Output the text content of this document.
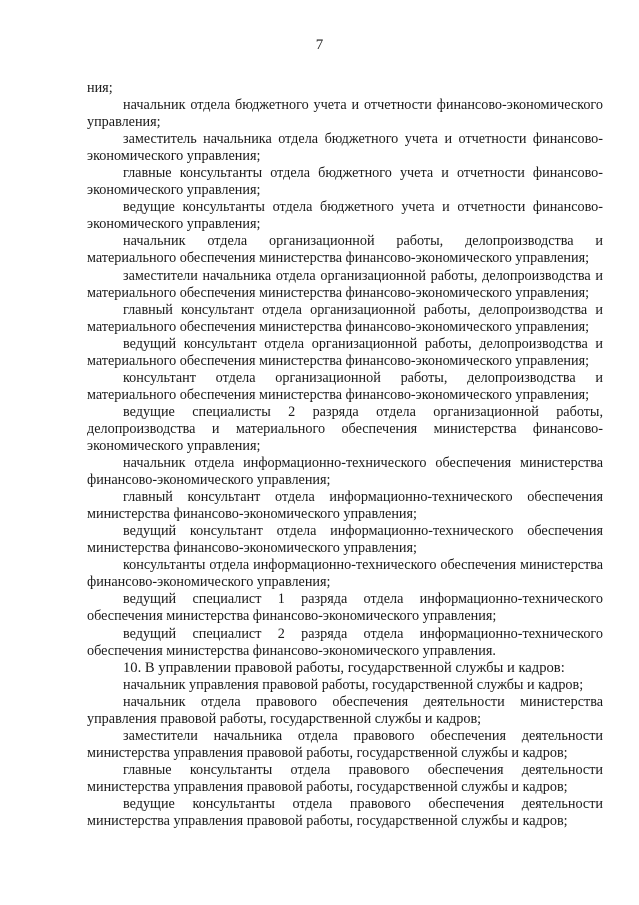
7

ния;

начальник отдела бюджетного учета и отчетности финансово-экономического управления;

заместитель начальника отдела бюджетного учета и отчетности финансово-экономического управления;

главные консультанты отдела бюджетного учета и отчетности финансово-экономического управления;

ведущие консультанты отдела бюджетного учета и отчетности финансово-экономического управления;

начальник отдела организационной работы, делопроизводства и материального обеспечения министерства финансово-экономического управления;

заместители начальника отдела организационной работы, делопроизводства и материального обеспечения министерства финансово-экономического управления;

главный консультант отдела организационной работы, делопроизводства и материального обеспечения министерства финансово-экономического управления;

ведущий консультант отдела организационной работы, делопроизводства и материального обеспечения министерства финансово-экономического управления;

консультант отдела организационной работы, делопроизводства и материального обеспечения министерства финансово-экономического управления;

ведущие специалисты 2 разряда отдела организационной работы, делопроизводства и материального обеспечения министерства финансово-экономического управления;

начальник отдела информационно-технического обеспечения министерства финансово-экономического управления;

главный консультант отдела информационно-технического обеспечения министерства финансово-экономического управления;

ведущий консультант отдела информационно-технического обеспечения министерства финансово-экономического управления;

консультанты отдела информационно-технического обеспечения министерства финансово-экономического управления;

ведущий специалист 1 разряда отдела информационно-технического обеспечения министерства финансово-экономического управления;

ведущий специалист 2 разряда отдела информационно-технического обеспечения министерства финансово-экономического управления.

10. В управлении правовой работы, государственной службы и кадров:

начальник управления правовой работы, государственной службы и кадров;

начальник отдела правового обеспечения деятельности министерства управления правовой работы, государственной службы и кадров;

заместители начальника отдела правового обеспечения деятельности министерства управления правовой работы, государственной службы и кадров;

главные консультанты отдела правового обеспечения деятельности министерства управления правовой работы, государственной службы и кадров;

ведущие консультанты отдела правового обеспечения деятельности министерства управления правовой работы, государственной службы и кадров;
